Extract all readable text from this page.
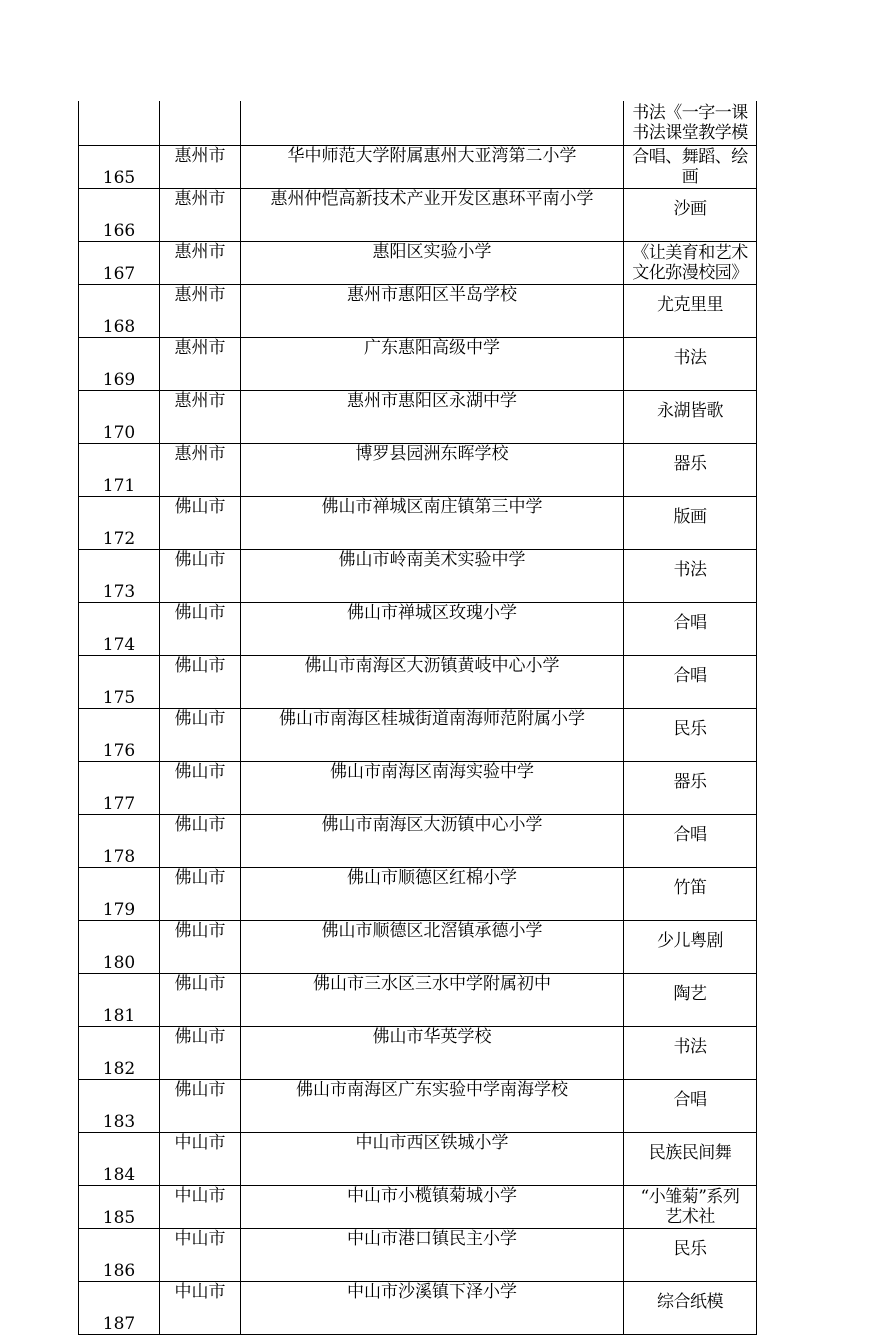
			书法《一字一课
书法课堂教学模

165	惠州市	华中师范大学附属惠州大亚湾第二小学	合唱、舞蹈、绘
画

166	惠州市	惠州仲恺高新技术产业开发区惠环平南小学	沙画

167	惠州市	惠阳区实验小学	《让美育和艺术
文化弥漫校园》

168	惠州市	惠州市惠阳区半岛学校	尤克里里

169	惠州市	广东惠阳高级中学	书法

170	惠州市	惠州市惠阳区永湖中学	永湖皆歌

171	惠州市	博罗县园洲东晖学校	器乐

172	佛山市	佛山市禅城区南庄镇第三中学	版画

173	佛山市	佛山市岭南美术实验中学	书法

174	佛山市	佛山市禅城区玫瑰小学	合唱

175	佛山市	佛山市南海区大沥镇黄岐中心小学	合唱

176	佛山市	佛山市南海区桂城街道南海师范附属小学	民乐

177	佛山市	佛山市南海区南海实验中学	器乐

178	佛山市	佛山市南海区大沥镇中心小学	合唱

179	佛山市	佛山市顺德区红棉小学	竹笛

180	佛山市	佛山市顺德区北滘镇承德小学	少儿粤剧

181	佛山市	佛山市三水区三水中学附属初中	陶艺

182	佛山市	佛山市华英学校	书法

183	佛山市	佛山市南海区广东实验中学南海学校	合唱

184	中山市	中山市西区铁城小学	民族民间舞

185	中山市	中山市小榄镇菊城小学	“小雏菊”系列
艺术社

186	中山市	中山市港口镇民主小学	民乐

187	中山市	中山市沙溪镇下泽小学	综合纸模
